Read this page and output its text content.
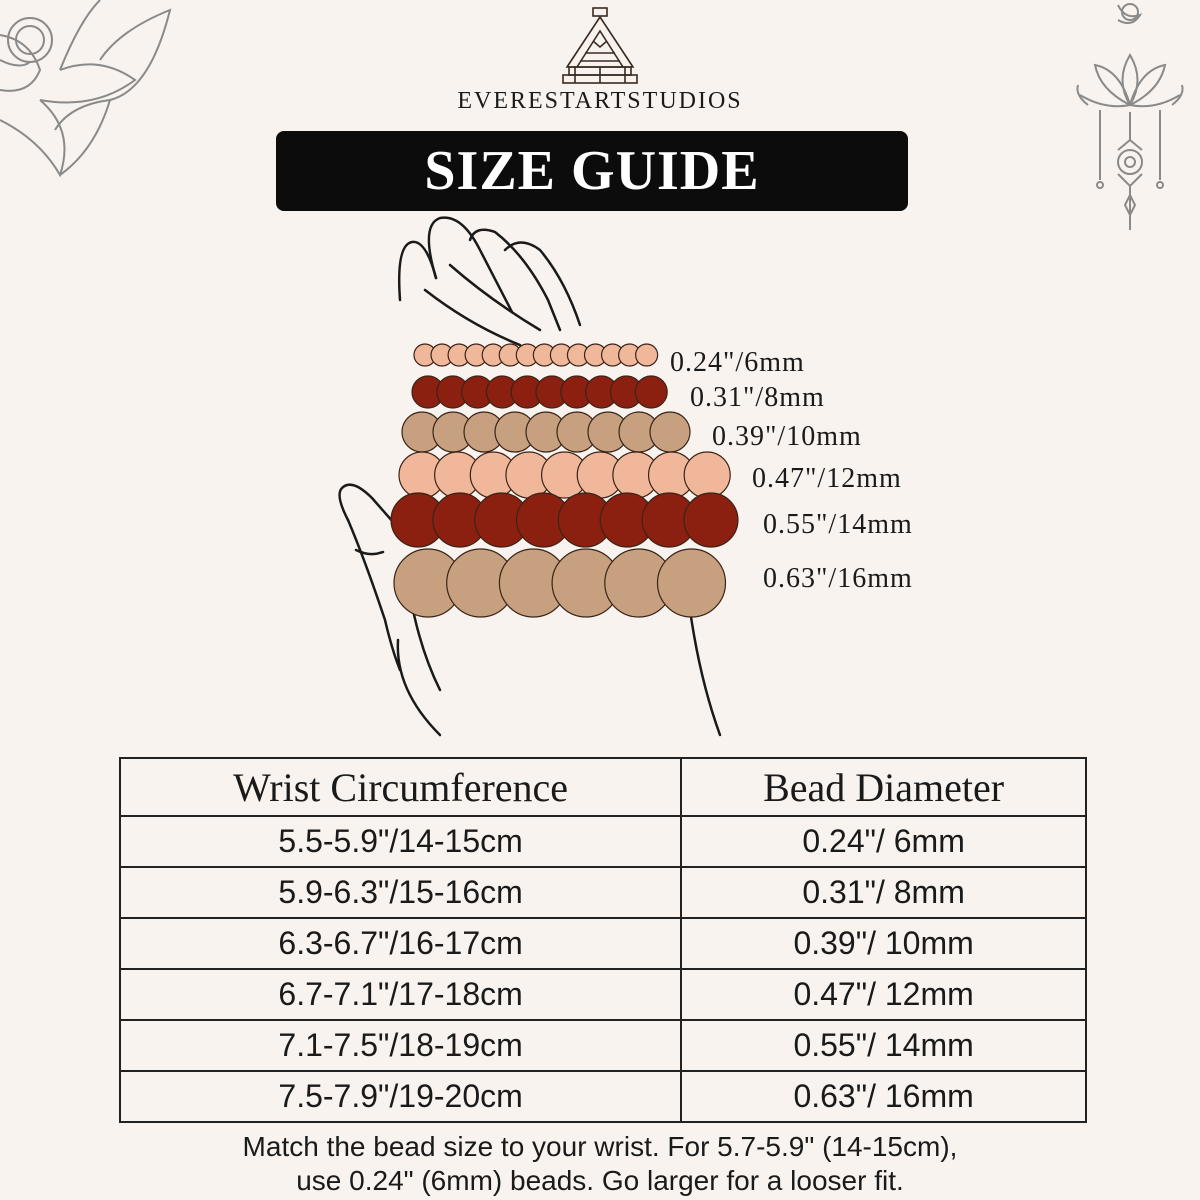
EVERESTARTSTUDIOS
SIZE GUIDE
0.24"/6mm
0.31"/8mm
0.39"/10mm
0.47"/12mm
0.55"/14mm
0.63"/16mm
Wrist Circumference	Bead Diameter
5.5-5.9"/14-15cm	0.24"/ 6mm
5.9-6.3"/15-16cm	0.31"/ 8mm
6.3-6.7"/16-17cm	0.39"/ 10mm
6.7-7.1"/17-18cm	0.47"/ 12mm
7.1-7.5"/18-19cm	0.55"/ 14mm
7.5-7.9"/19-20cm	0.63"/ 16mm
Match the bead size to your wrist. For 5.7-5.9" (14-15cm),
use 0.24" (6mm) beads. Go larger for a looser fit.
